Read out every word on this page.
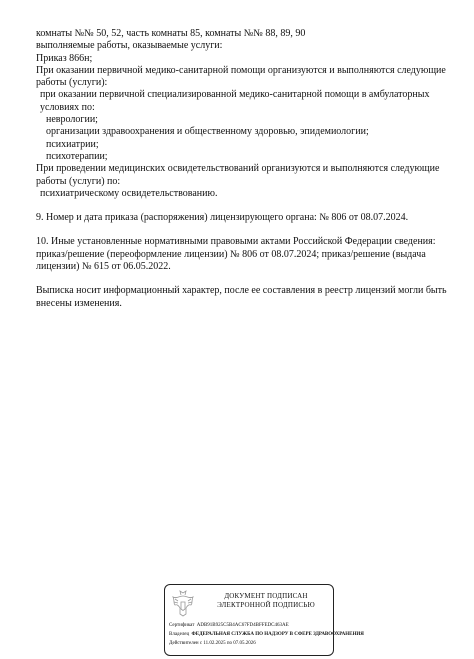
комнаты №№ 50, 52, часть комнаты 85, комнаты №№ 88, 89, 90

выполняемые работы, оказываемые услуги:

Приказ 866н;

При оказании первичной медико-санитарной помощи организуются и выполняются следующие работы (услуги):

при оказании первичной специализированной медико-санитарной помощи в амбулаторных условиях по:

неврологии;

организации здравоохранения и общественному здоровью, эпидемиологии;

психиатрии;

психотерапии;

При проведении медицинских освидетельствований организуются и выполняются следующие работы (услуги) по:

психиатрическому освидетельствованию.

9. Номер и дата приказа (распоряжения) лицензирующего органа: № 806 от 08.07.2024.

10. Иные установленные нормативными правовыми актами Российской Федерации сведения: приказ/решение (переоформление лицензии) № 806 от 08.07.2024; приказ/решение (выдача лицензии) № 615 от 06.05.2022.

Выписка носит информационный характер, после ее составления в реестр лицензий могли быть внесены изменения.

ДОКУМЕНТ ПОДПИСАН
ЭЛЕКТРОННОЙ ПОДПИСЬЮ
Сертификат ADB91B925C5B4AC67FD4BFFEDC463AE
Владелец ФЕДЕРАЛЬНАЯ СЛУЖБА ПО НАДЗОРУ В СФЕРЕ ЗДРАВООХРАНЕНИЯ
Действителен с 11.02.2025 по 07.05.2026
